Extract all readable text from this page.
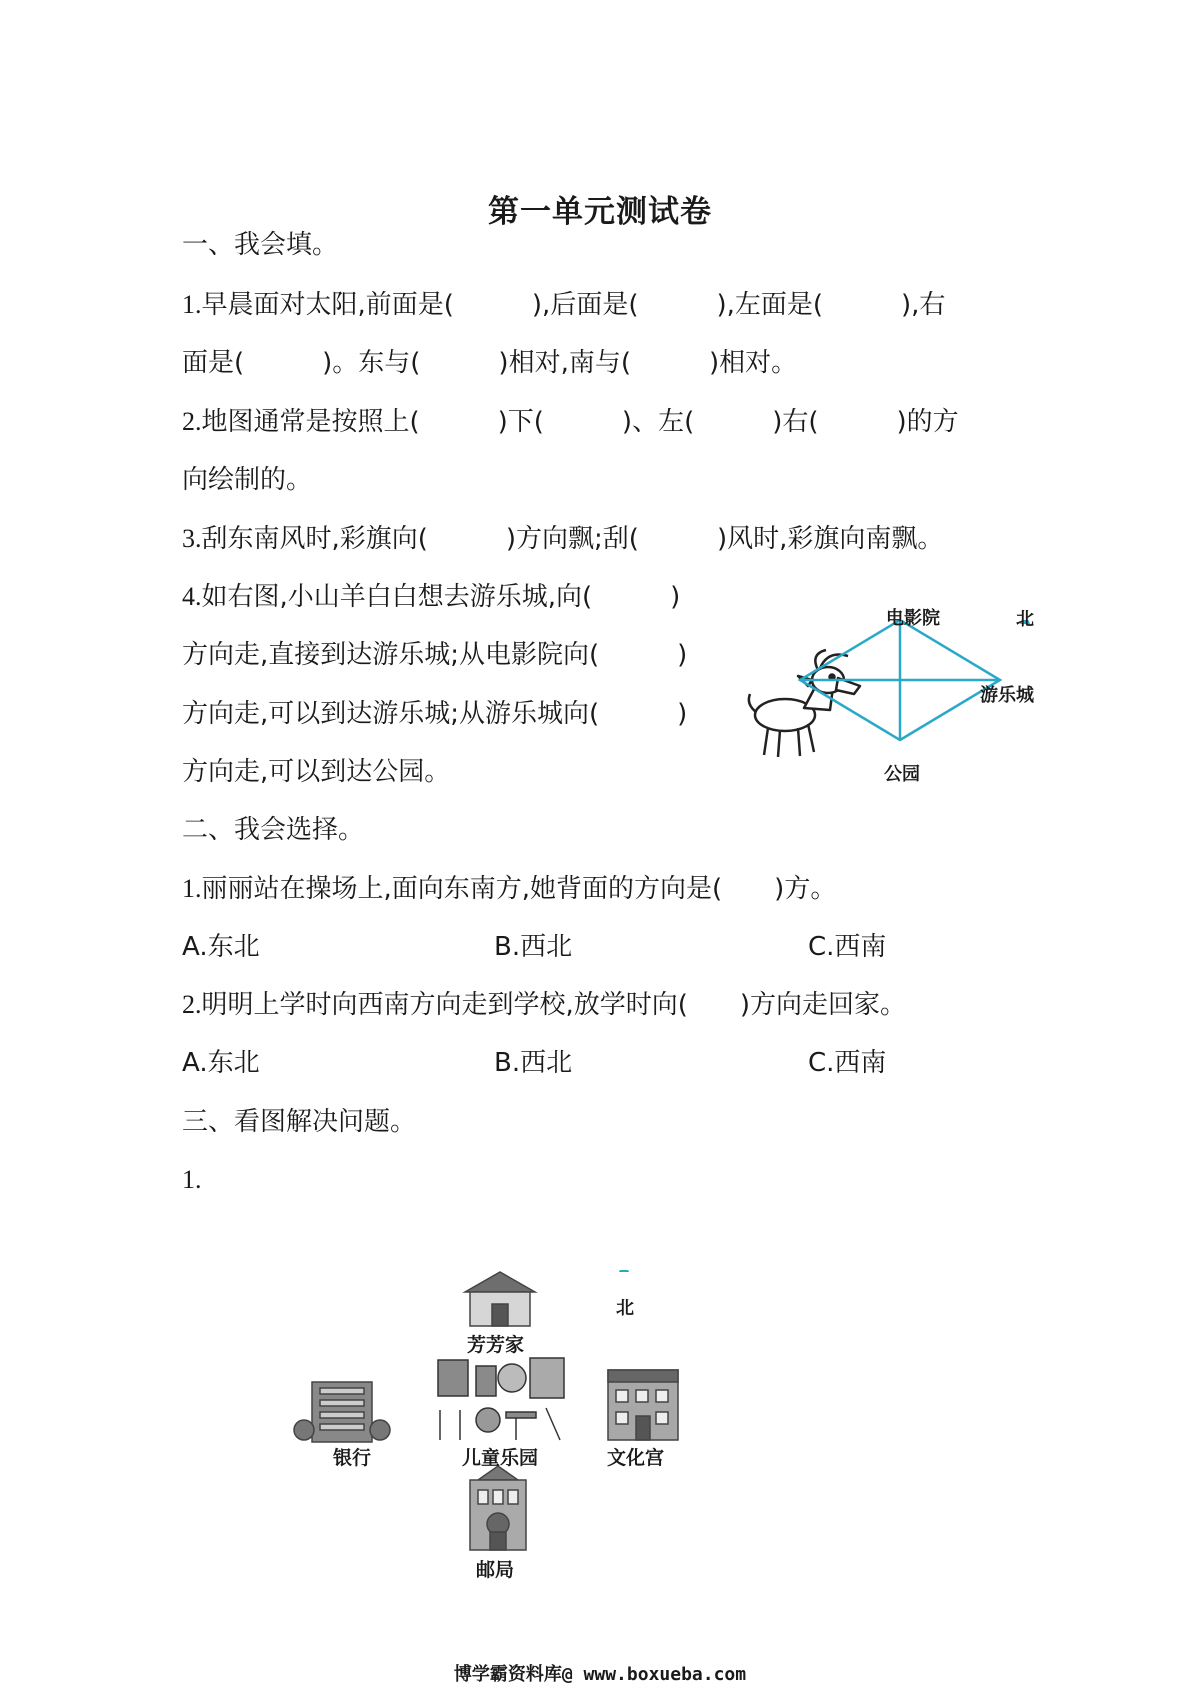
第一单元测试卷
一、我会填。
1.早晨面对太阳,前面是(　　　),后面是(　　　),左面是(　　　),右
面是(　　　)。东与(　　　)相对,南与(　　　)相对。
2.地图通常是按照上(　　　)下(　　　)、左(　　　)右(　　　)的方
向绘制的。
3.刮东南风时,彩旗向(　　　)方向飘;刮(　　　)风时,彩旗向南飘。
4.如右图,小山羊白白想去游乐城,向(　　　)
方向走,直接到达游乐城;从电影院向(　　　)
方向走,可以到达游乐城;从游乐城向(　　　)
方向走,可以到达公园。
电影院	北
游乐城
公园
二、我会选择。
1.丽丽站在操场上,面向东南方,她背面的方向是(　　)方。
A.东北	B.西北	C.西南
2.明明上学时向西南方向走到学校,放学时向(　　)方向走回家。
A.东北	B.西北	C.西南
三、看图解决问题。
1.
芳芳家
北
银行	儿童乐园	文化宫
邮局
博学霸资料库@ www.boxueba.com
